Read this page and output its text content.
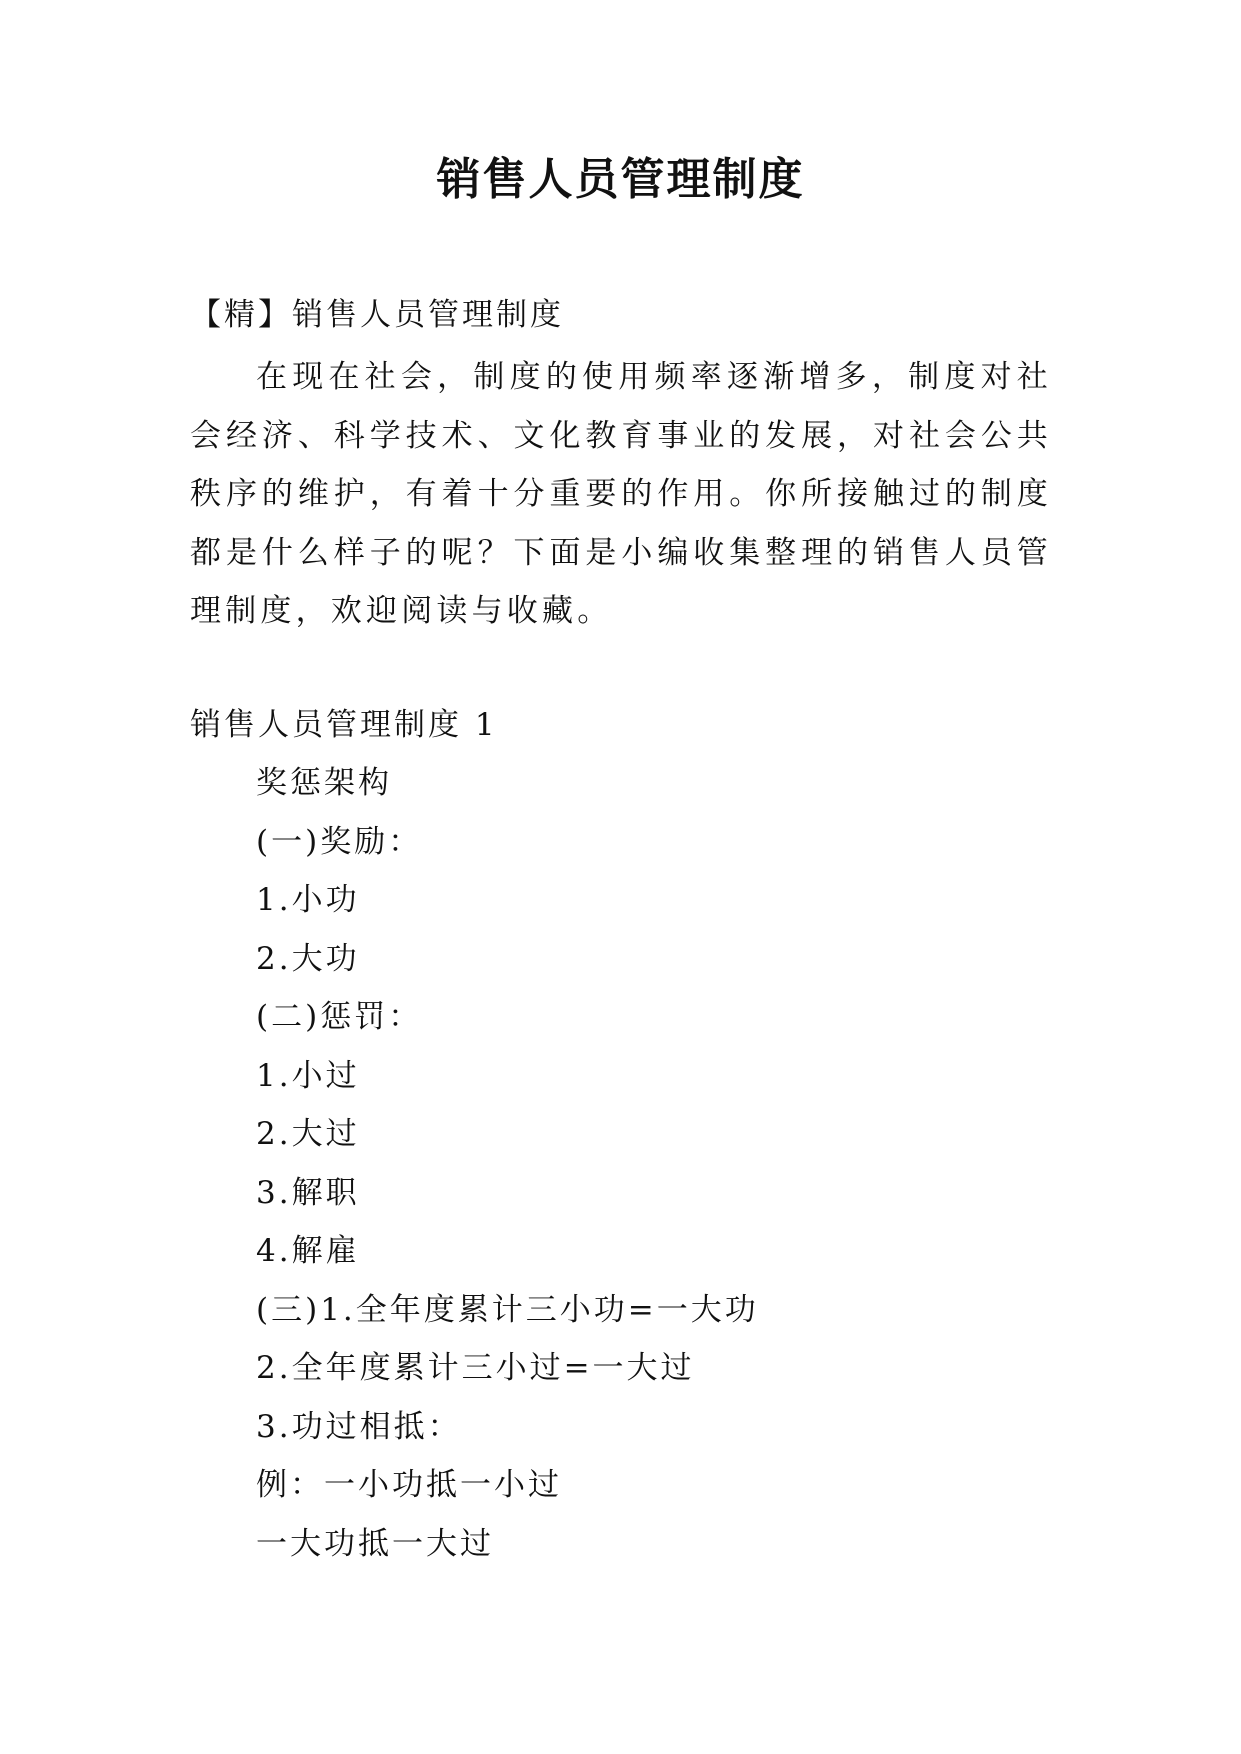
销售人员管理制度
【精】销售人员管理制度
在现在社会，制度的使用频率逐渐增多，制度对社会经济、科学技术、文化教育事业的发展，对社会公共秩序的维护，有着十分重要的作用。你所接触过的制度都是什么样子的呢？下面是小编收集整理的销售人员管理制度，欢迎阅读与收藏。
销售人员管理制度 1
奖惩架构
(一)奖励：
1.小功
2.大功
(二)惩罚：
1.小过
2.大过
3.解职
4.解雇
(三)1.全年度累计三小功=一大功
2.全年度累计三小过=一大过
3.功过相抵：
例：一小功抵一小过
一大功抵一大过
